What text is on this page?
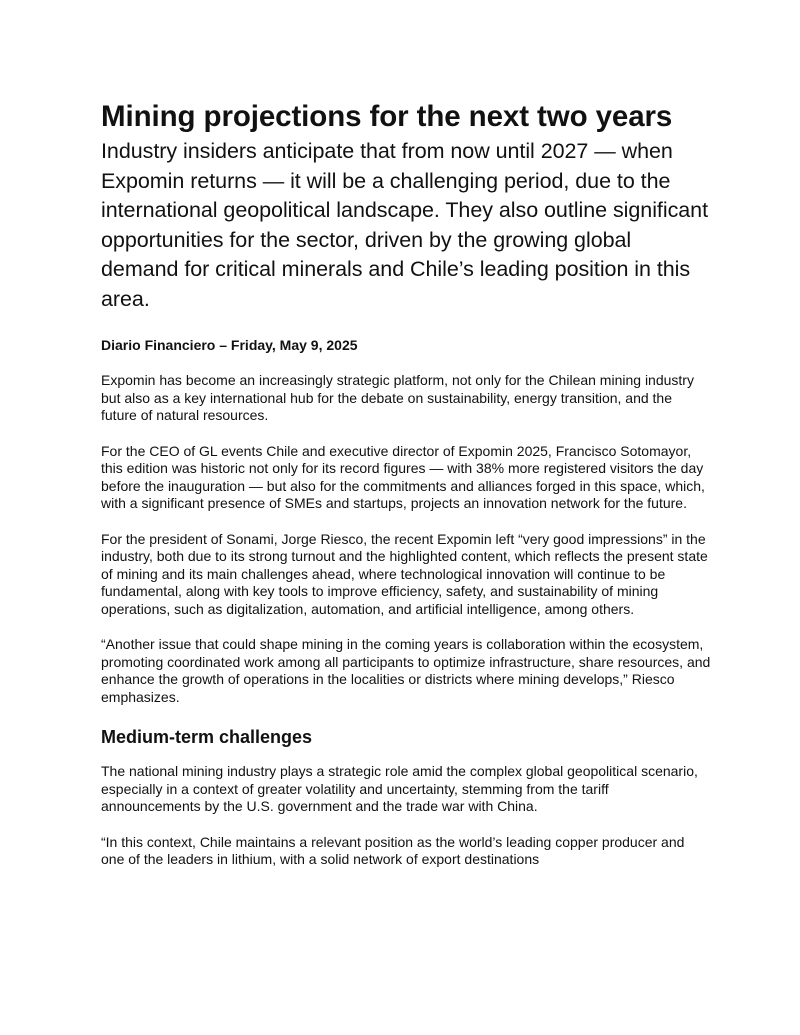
Mining projections for the next two years

Industry insiders anticipate that from now until 2027 — when Expomin returns — it will be a challenging period, due to the international geopolitical landscape. They also outline significant opportunities for the sector, driven by the growing global demand for critical minerals and Chile’s leading position in this area.

Diario Financiero – Friday, May 9, 2025

Expomin has become an increasingly strategic platform, not only for the Chilean mining industry but also as a key international hub for the debate on sustainability, energy transition, and the future of natural resources.

For the CEO of GL events Chile and executive director of Expomin 2025, Francisco Sotomayor, this edition was historic not only for its record figures — with 38% more registered visitors the day before the inauguration — but also for the commitments and alliances forged in this space, which, with a significant presence of SMEs and startups, projects an innovation network for the future.

For the president of Sonami, Jorge Riesco, the recent Expomin left “very good impressions” in the industry, both due to its strong turnout and the highlighted content, which reflects the present state of mining and its main challenges ahead, where technological innovation will continue to be fundamental, along with key tools to improve efficiency, safety, and sustainability of mining operations, such as digitalization, automation, and artificial intelligence, among others.

“Another issue that could shape mining in the coming years is collaboration within the ecosystem, promoting coordinated work among all participants to optimize infrastructure, share resources, and enhance the growth of operations in the localities or districts where mining develops,” Riesco emphasizes.

Medium-term challenges

The national mining industry plays a strategic role amid the complex global geopolitical scenario, especially in a context of greater volatility and uncertainty, stemming from the tariff announcements by the U.S. government and the trade war with China.

“In this context, Chile maintains a relevant position as the world’s leading copper producer and one of the leaders in lithium, with a solid network of export destinations
